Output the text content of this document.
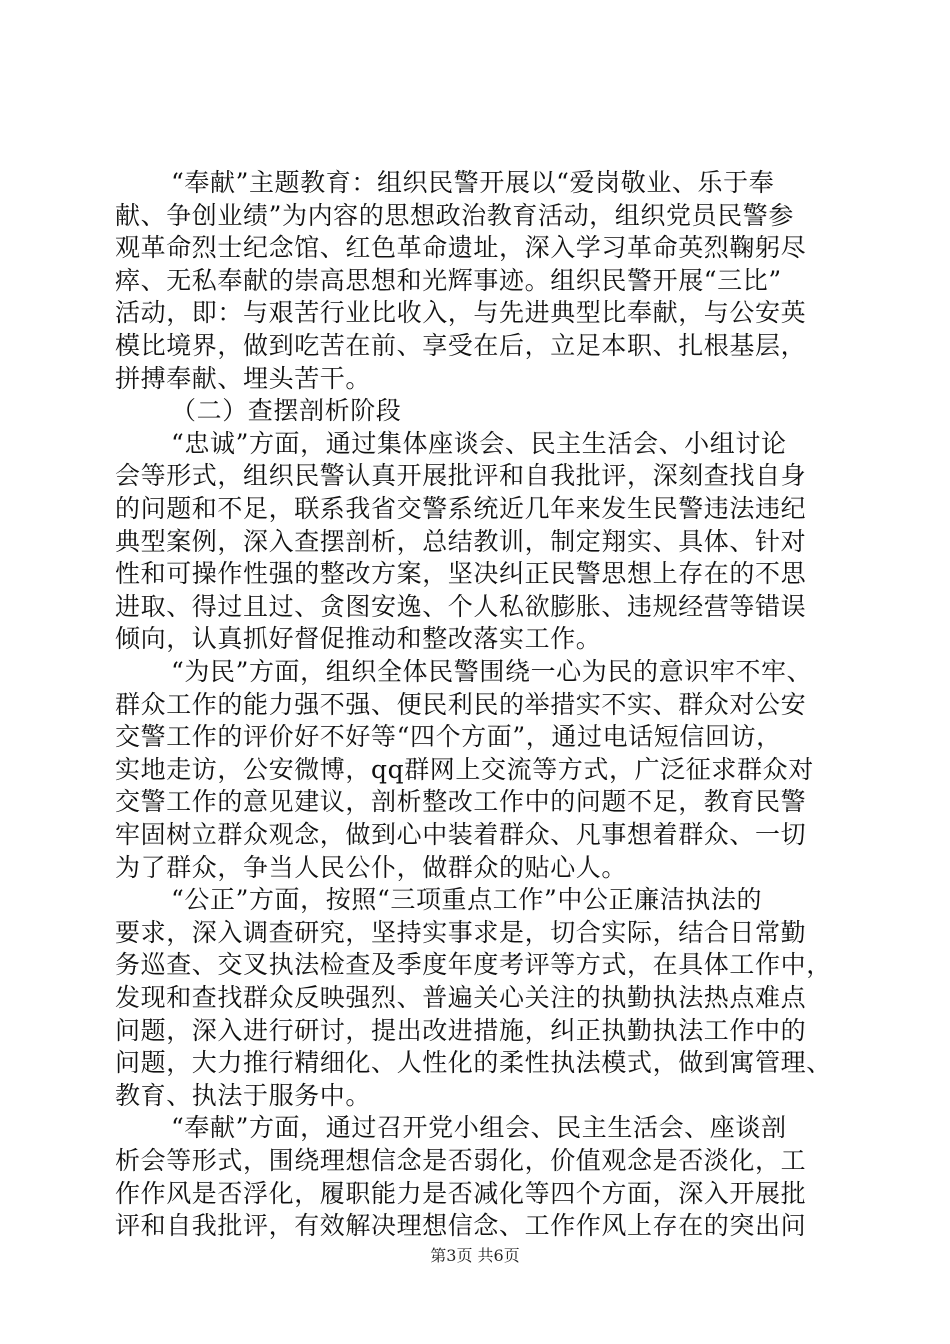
“奉献”主题教育：组织民警开展以“爱岗敬业、乐于奉

献、争创业绩”为内容的思想政治教育活动，组织党员民警参

观革命烈士纪念馆、红色革命遗址，深入学习革命英烈鞠躬尽

瘁、无私奉献的崇高思想和光辉事迹。组织民警开展“三比”

活动，即：与艰苦行业比收入，与先进典型比奉献，与公安英

模比境界，做到吃苦在前、享受在后，立足本职、扎根基层，

拼搏奉献、埋头苦干。

（二）查摆剖析阶段

“忠诚”方面，通过集体座谈会、民主生活会、小组讨论

会等形式，组织民警认真开展批评和自我批评，深刻查找自身

的问题和不足，联系我省交警系统近几年来发生民警违法违纪

典型案例，深入查摆剖析，总结教训，制定翔实、具体、针对

性和可操作性强的整改方案，坚决纠正民警思想上存在的不思

进取、得过且过、贪图安逸、个人私欲膨胀、违规经营等错误

倾向，认真抓好督促推动和整改落实工作。

“为民”方面，组织全体民警围绕一心为民的意识牢不牢、

群众工作的能力强不强、便民利民的举措实不实、群众对公安

交警工作的评价好不好等“四个方面”，通过电话短信回访，

实地走访，公安微博，qq群网上交流等方式，广泛征求群众对

交警工作的意见建议，剖析整改工作中的问题不足，教育民警

牢固树立群众观念，做到心中装着群众、凡事想着群众、一切

为了群众，争当人民公仆，做群众的贴心人。

“公正”方面，按照“三项重点工作”中公正廉洁执法的

要求，深入调查研究，坚持实事求是，切合实际，结合日常勤

务巡查、交叉执法检查及季度年度考评等方式，在具体工作中，

发现和查找群众反映强烈、普遍关心关注的执勤执法热点难点

问题，深入进行研讨，提出改进措施，纠正执勤执法工作中的

问题，大力推行精细化、人性化的柔性执法模式，做到寓管理、

教育、执法于服务中。

“奉献”方面，通过召开党小组会、民主生活会、座谈剖

析会等形式，围绕理想信念是否弱化，价值观念是否淡化，工

作作风是否浮化，履职能力是否减化等四个方面，深入开展批

评和自我批评，有效解决理想信念、工作作风上存在的突出问

第3页 共6页
